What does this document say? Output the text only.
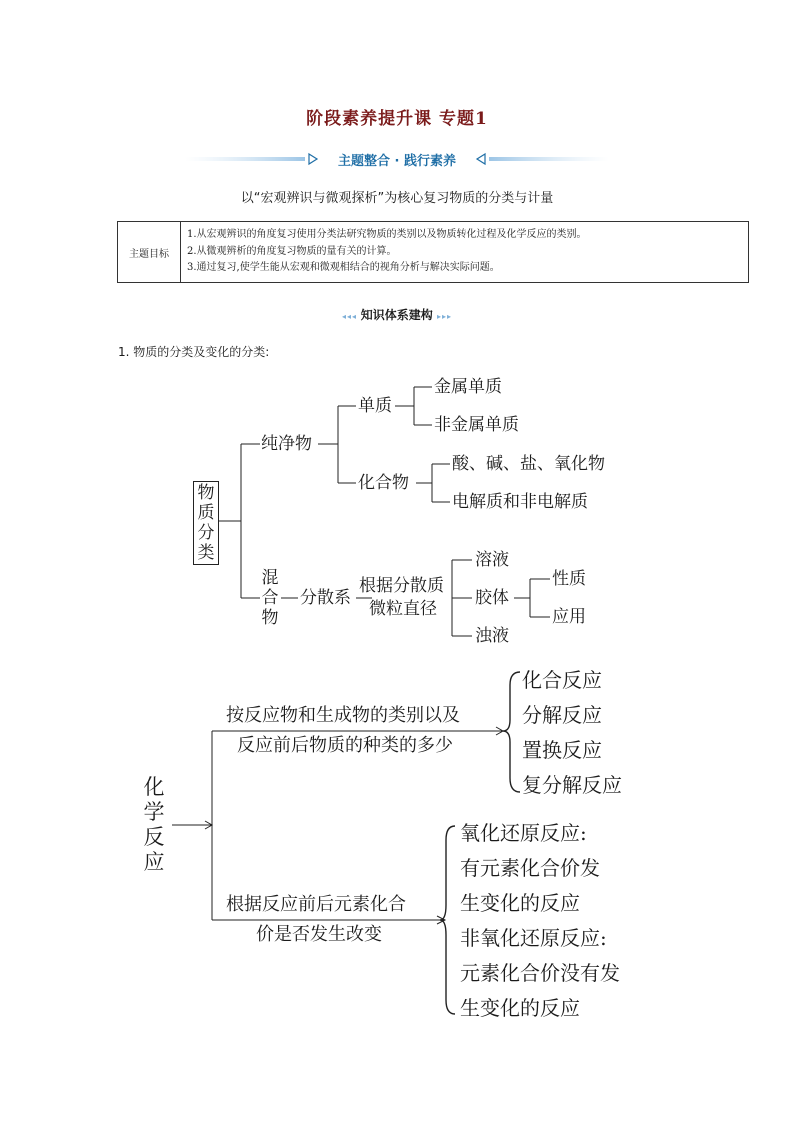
阶段素养提升课 专题1
主题整合 · 践行素养
以“宏观辨识与微观探析”为核心复习物质的分类与计量
主题目标
1.从宏观辨识的角度复习使用分类法研究物质的类别以及物质转化过程及化学反应的类别。
2.从微观辨析的角度复习物质的量有关的计算。
3.通过复习,使学生能从宏观和微观相结合的视角分析与解决实际问题。
◂◂◂ 知识体系建构 ▸▸▸
1. 物质的分类及变化的分类:
物质分类
纯净物
单质
金属单质
非金属单质
化合物
酸、碱、盐、氧化物
电解质和非电解质
混合物
分散系
根据分散质
微粒直径
溶液
胶体
性质
应用
浊液
化学反应
按反应物和生成物的类别以及
反应前后物质的种类的多少
化合反应
分解反应
置换反应
复分解反应
根据反应前后元素化合
价是否发生改变
氧化还原反应:
有元素化合价发
生变化的反应
非氧化还原反应:
元素化合价没有发
生变化的反应
